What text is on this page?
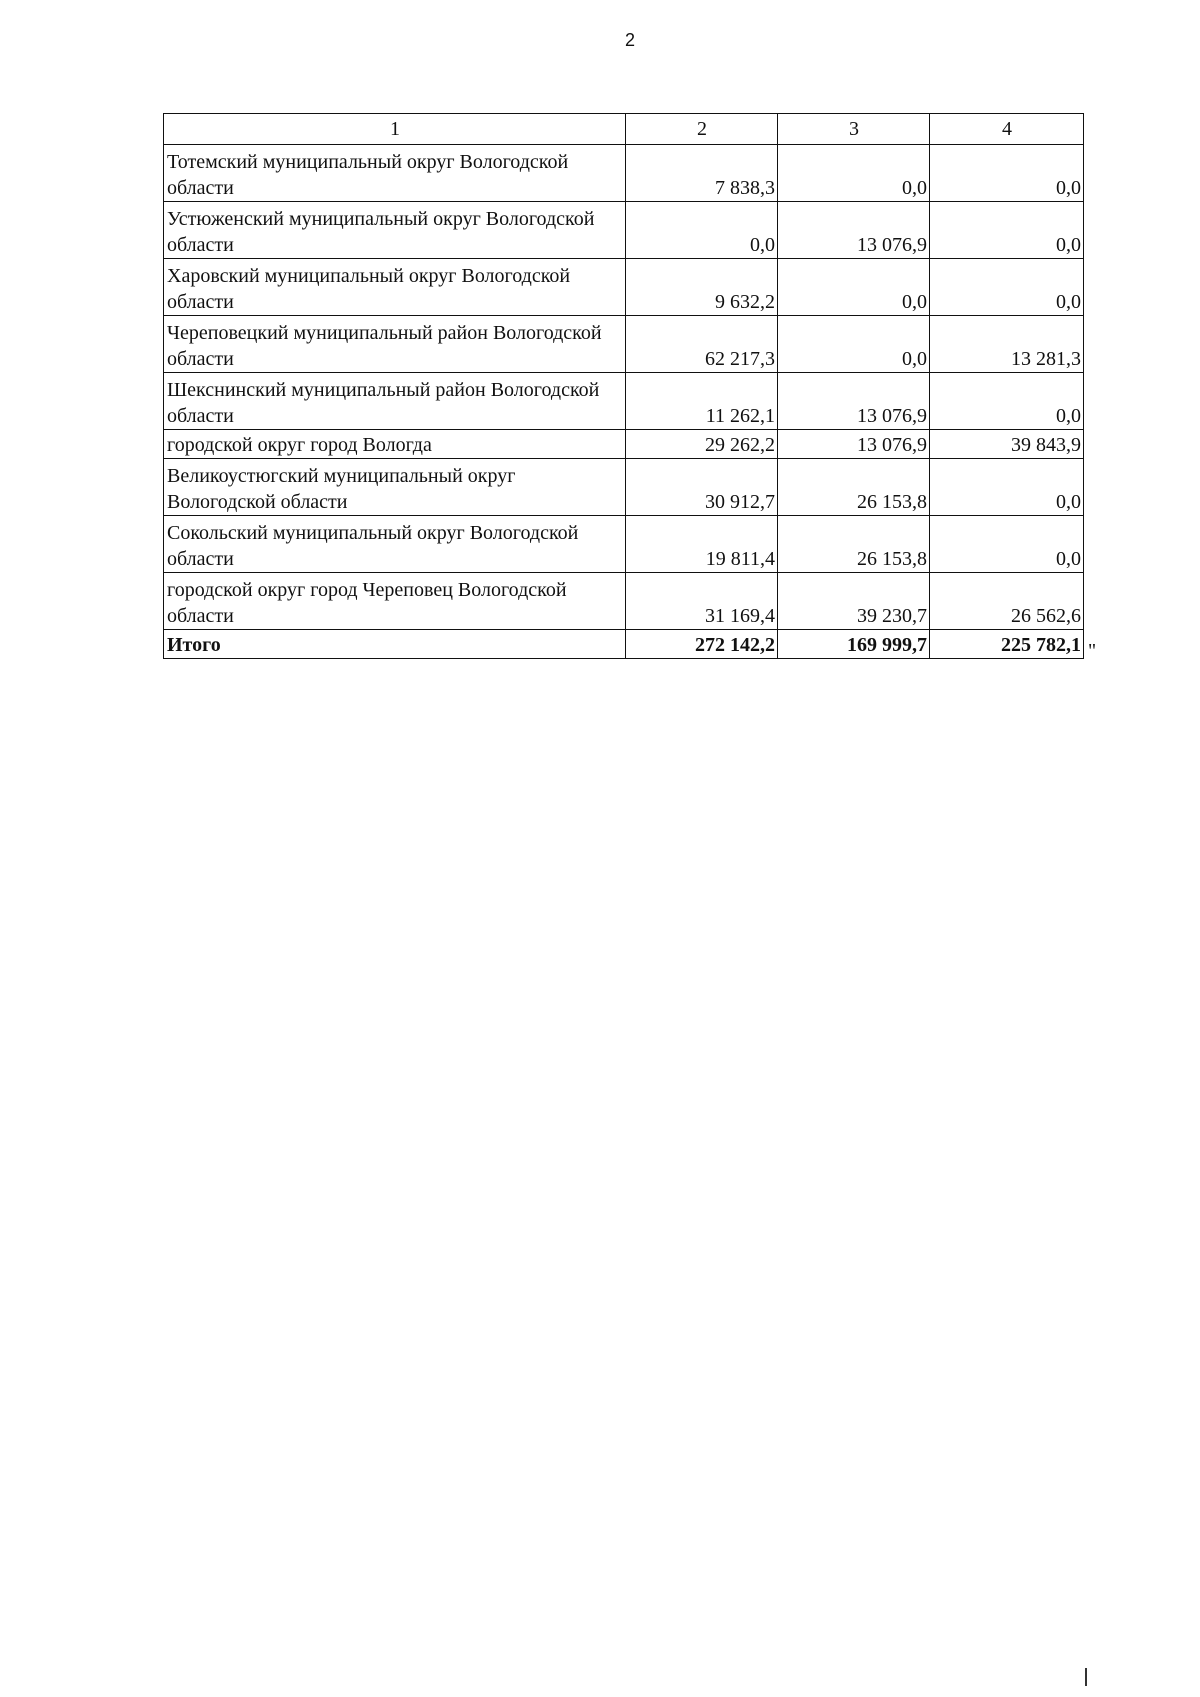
2
1	2	3	4
Тотемский муниципальный округ Вологодской области	7 838,3	0,0	0,0
Устюженский муниципальный округ Вологодской области	0,0	13 076,9	0,0
Харовский муниципальный округ Вологодской области	9 632,2	0,0	0,0
Череповецкий муниципальный район Вологодской области	62 217,3	0,0	13 281,3
Шекснинский муниципальный район Вологодской области	11 262,1	13 076,9	0,0
городской округ город Вологда	29 262,2	13 076,9	39 843,9
Великоустюгский муниципальный округ Вологодской области	30 912,7	26 153,8	0,0
Сокольский муниципальный округ Вологодской области	19 811,4	26 153,8	0,0
городской округ город Череповец Вологодской области	31 169,4	39 230,7	26 562,6
Итого	272 142,2	169 999,7	225 782,1 "
